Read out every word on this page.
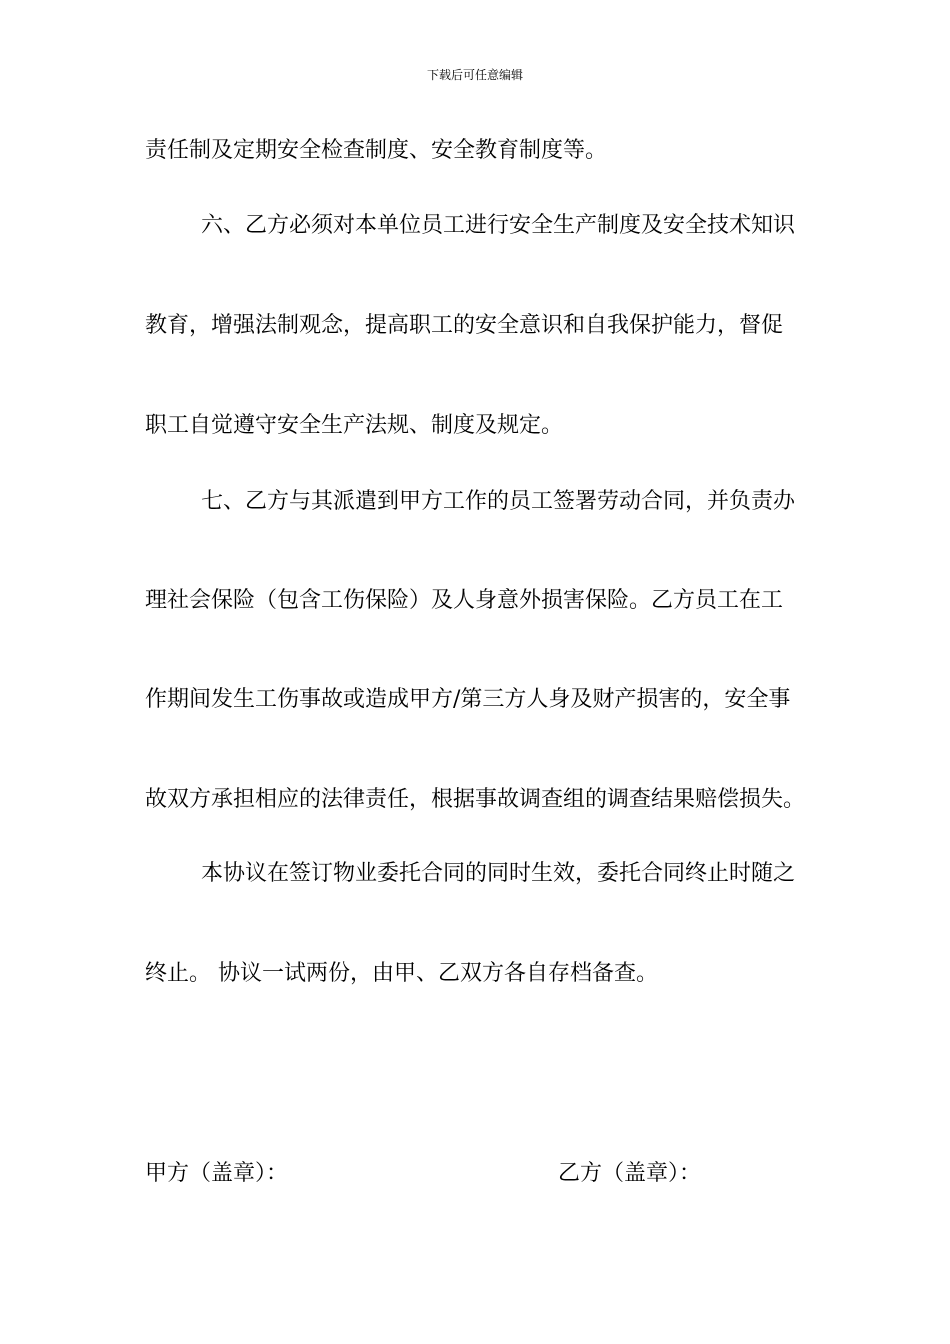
下载后可任意编辑
责任制及定期安全检查制度、安全教育制度等。
六、乙方必须对本单位员工进行安全生产制度及安全技术知识
教育，增强法制观念，提高职工的安全意识和自我保护能力，督促
职工自觉遵守安全生产法规、制度及规定。
七、乙方与其派遣到甲方工作的员工签署劳动合同，并负责办
理社会保险（包含工伤保险）及人身意外损害保险。乙方员工在工
作期间发生工伤事故或造成甲方/第三方人身及财产损害的，安全事
故双方承担相应的法律责任，根据事故调查组的调查结果赔偿损失。
本协议在签订物业委托合同的同时生效，委托合同终止时随之
终止。 协议一试两份，由甲、乙双方各自存档备查。
甲方（盖章）：	乙方（盖章）：
